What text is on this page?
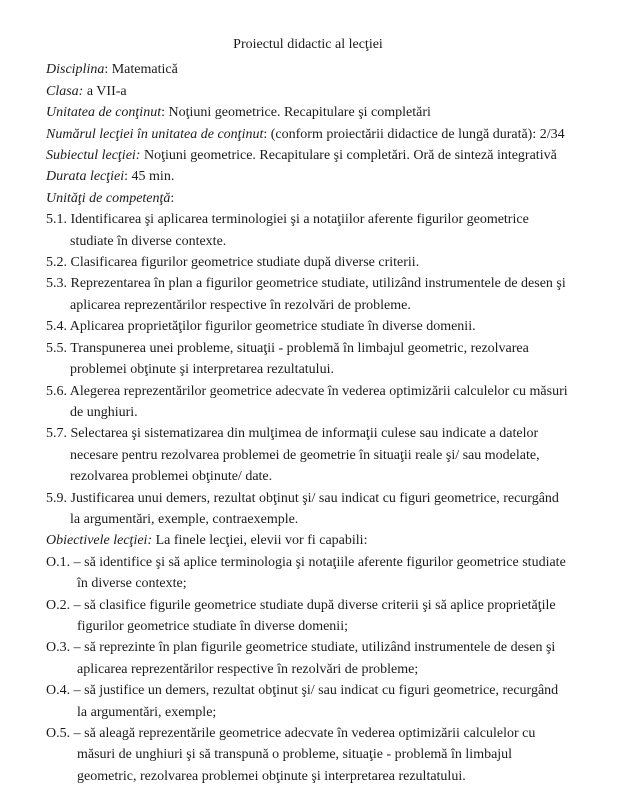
Proiectul didactic al lecţiei

Disciplina: Matematică

Clasa: a VII-a

Unitatea de conţinut: Noţiuni geometrice. Recapitulare şi completări

Numărul lecţiei în unitatea de conţinut: (conform proiectării didactice de lungă durată): 2/34

Subiectul lecţiei: Noţiuni geometrice. Recapitulare şi completări. Oră de sinteză integrativă

Durata lecţiei: 45 min.

Unităţi de competenţă:

5.1. Identificarea şi aplicarea terminologiei şi a notaţiilor aferente figurilor geometrice studiate în diverse contexte.

5.2. Clasificarea figurilor geometrice studiate după diverse criterii.

5.3. Reprezentarea în plan a figurilor geometrice studiate, utilizând instrumentele de desen şi aplicarea reprezentărilor respective în rezolvări de probleme.

5.4. Aplicarea proprietăţilor figurilor geometrice studiate în diverse domenii.

5.5. Transpunerea unei probleme, situaţii - problemă în limbajul geometric, rezolvarea problemei obţinute şi interpretarea rezultatului.

5.6. Alegerea reprezentărilor geometrice adecvate în vederea optimizării calculelor cu măsuri de unghiuri.

5.7. Selectarea şi sistematizarea din mulţimea de informaţii culese sau indicate a datelor necesare pentru rezolvarea problemei de geometrie în situaţii reale şi/ sau modelate, rezolvarea problemei obţinute/ date.

5.9. Justificarea unui demers, rezultat obţinut şi/ sau indicat cu figuri geometrice, recurgând la argumentări, exemple, contraexemple.

Obiectivele lecţiei: La finele lecţiei, elevii vor fi capabili:

O.1. – să identifice şi să aplice terminologia şi notaţiile aferente figurilor geometrice studiate în diverse contexte;

O.2. – să clasifice figurile geometrice studiate după diverse criterii şi să aplice proprietăţile figurilor geometrice studiate în diverse domenii;

O.3. – să reprezinte în plan figurile geometrice studiate, utilizând instrumentele de desen şi aplicarea reprezentărilor respective în rezolvări de probleme;

O.4. – să justifice un demers, rezultat obţinut şi/ sau indicat cu figuri geometrice, recurgând la argumentări, exemple;

O.5. – să aleagă reprezentările geometrice adecvate în vederea optimizării calculelor cu măsuri de unghiuri şi să transpună o probleme, situaţie - problemă în limbajul geometric, rezolvarea problemei obţinute şi interpretarea rezultatului.
